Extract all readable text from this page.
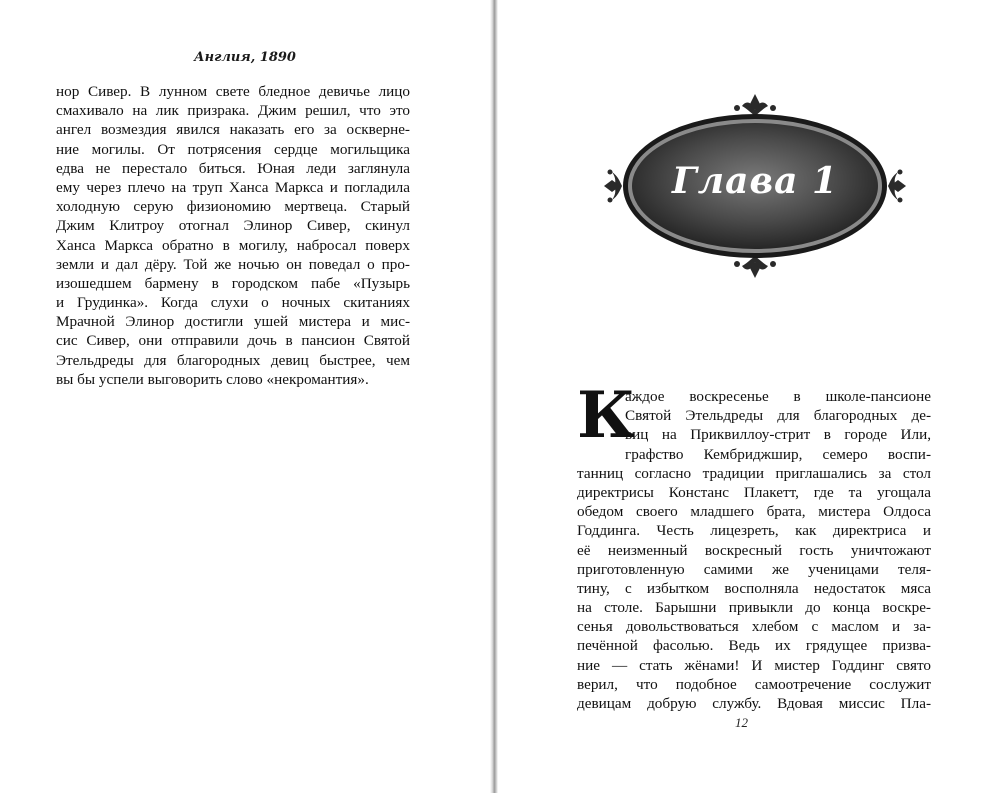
Англия, 1890
нор Сивер. В лунном свете бледное девичье лицо
смахивало на лик призрака. Джим решил, что это
ангел возмездия явился наказать его за оскверне-
ние могилы. От потрясения сердце могильщика
едва не перестало биться. Юная леди заглянула
ему через плечо на труп Ханса Маркса и погладила
холодную серую физиономию мертвеца. Старый
Джим Клитроу отогнал Элинор Сивер, скинул
Ханса Маркса обратно в могилу, набросал поверх
земли и дал дёру. Той же ночью он поведал о про-
изошедшем бармену в городском пабе «Пузырь
и Грудинка». Когда слухи о ночных скитаниях
Мрачной Элинор достигли ушей мистера и мис-
сис Сивер, они отправили дочь в пансион Святой
Этельдреды для благородных девиц быстрее, чем
вы бы успели выговорить слово «некромантия».
Глава 1
К
аждое воскресенье в школе-пансионе
Святой Этельдреды для благородных де-
виц на Приквиллоу-стрит в городе Или,
графство Кембриджшир, семеро воспи-
танниц согласно традиции приглашались за стол
директрисы Констанс Плакетт, где та угощала
обедом своего младшего брата, мистера Олдоса
Годдинга. Честь лицезреть, как директриса и
её неизменный воскресный гость уничтожают
приготовленную самими же ученицами теля-
тину, с избытком восполняла недостаток мяса
на столе. Барышни привыкли до конца воскре-
сенья довольствоваться хлебом с маслом и за-
печённой фасолью. Ведь их грядущее призва-
ние — стать жёнами! И мистер Годдинг свято
верил, что подобное самоотречение сослужит
девицам добрую службу. Вдовая миссис Пла-
12
